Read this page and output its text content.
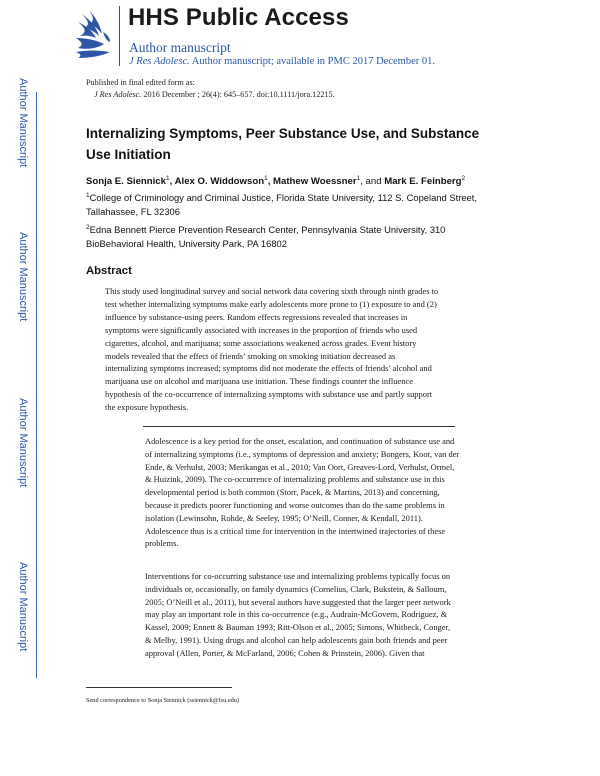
HHS Public Access
Author manuscript
J Res Adolesc. Author manuscript; available in PMC 2017 December 01.
Author Manuscript
Author Manuscript
Author Manuscript
Author Manuscript
Published in final edited form as:
J Res Adolesc. 2016 December ; 26(4): 645–657. doi:10.1111/jora.12215.
Internalizing Symptoms, Peer Substance Use, and Substance Use Initiation
Sonja E. Siennick$^1$, Alex O. Widdowson$^1$, Mathew Woessner$^1$, and Mark E. Feinberg$^2$
$^1$College of Criminology and Criminal Justice, Florida State University, 112 S. Copeland Street,
Tallahassee, FL 32306
$^2$Edna Bennett Pierce Prevention Research Center, Pennsylvania State University, 310
BioBehavioral Health, University Park, PA 16802
Abstract
This study used longitudinal survey and social network data covering sixth through ninth grades to
test whether internalizing symptoms make early adolescents more prone to (1) exposure to and (2)
influence by substance-using peers. Random effects regressions revealed that increases in
symptoms were significantly associated with increases in the proportion of friends who used
cigarettes, alcohol, and marijuana; some associations weakened across grades. Event history
models revealed that the effect of friends’ smoking on smoking initiation decreased as
internalizing symptoms increased; symptoms did not moderate the effects of friends’ alcohol and
marijuana use on alcohol and marijuana use initiation. These findings counter the influence
hypothesis of the co-occurrence of internalizing symptoms with substance use and partly support
the exposure hypothesis.
Adolescence is a key period for the onset, escalation, and continuation of substance use and
of internalizing symptoms (i.e., symptoms of depression and anxiety; Bongers, Koot, van der
Ende, & Verhulst, 2003; Merikangas et al., 2010; Van Oort, Greaves-Lord, Verhulst, Ormel,
& Huizink, 2009). The co-occurrence of internalizing problems and substance use in this
developmental period is both common (Storr, Pacek, & Martins, 2013) and concerning,
because it predicts poorer functioning and worse outcomes than do the same problems in
isolation (Lewinsohn, Rohde, & Seeley, 1995; O’Neill, Conner, & Kendall, 2011).
Adolescence thus is a critical time for intervention in the intertwined trajectories of these
problems.
Interventions for co-occurring substance use and internalizing problems typically focus on
individuals or, occasionally, on family dynamics (Cornelius, Clark, Bukstein, & Salloum,
2005; O’Neill et al., 2011), but several authors have suggested that the larger peer network
may play an important role in this co-occurrence (e.g., Audrain-McGovern, Rodriguez, &
Kassel, 2009; Ennett & Bauman 1993; Ritt-Olson et al., 2005; Simons, Whitbeck, Conger,
& Melby, 1991). Using drugs and alcohol can help adolescents gain both friends and peer
approval (Allen, Porter, & McFarland, 2006; Cohen & Prinstein, 2006). Given that
Send correspondence to Sonja Siennick (ssiennick@fsu.edu)
